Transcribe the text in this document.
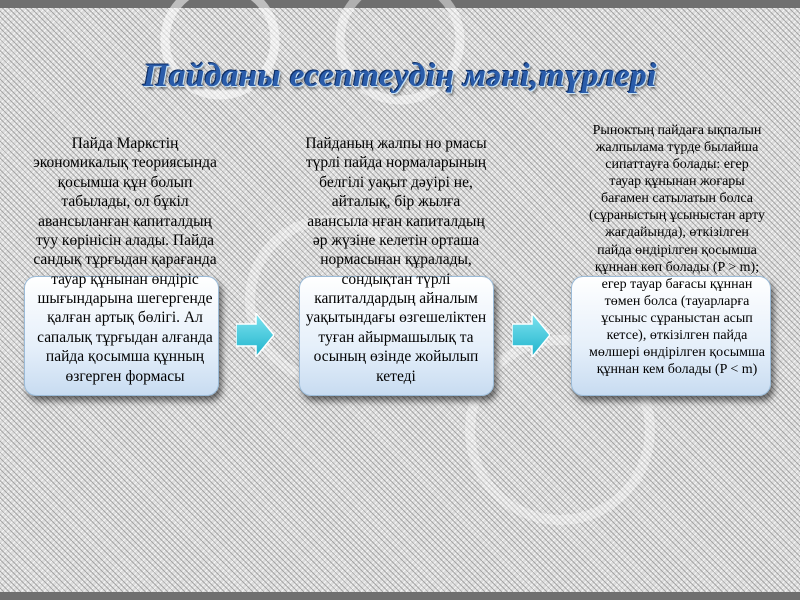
Пайданы есептеудің мәні,түрлері
Пайда Маркстің экономикалық теориясында қосымша құн болып табылады, ол бұкіл авансыланған капиталдың туу көрінісін алады. Пайда сандық тұрғыдан қарағанда тауар құнынан өндіріс шығындарына шегергенде қалған артық бөлігі. Ал сапалық тұрғыдан алғанда пайда қосымша құнның өзгерген формасы
Пайданың жалпы но рмасы түрлі пайда нормаларының белгілі уақыт дәуірі не, айталық, бір жылға авансыла нған капиталдың әр жүзіне келетін орташа нормасынан құралады, сондықтан түрлі капиталдардың айналым уақытындағы өзгешеліктен туған айырмашылық та осының өзінде жойылып кетеді
Рыноктың пайдаға ықпалын жалпылама түрде былайша сипаттауға болады: егер тауар құнынан жоғары бағамен сатылатын болса (сұраныстың ұсыныстан арту жағдайында), өткізілген пайда өндірілген қосымша құннан көп болады (P > m); егер тауар бағасы құннан төмен болса (тауарларға ұсыныс сұраныстан асып кетсе), өткізілген пайда мөлшері өндірілген қосымша құннан кем болады (P < m)
